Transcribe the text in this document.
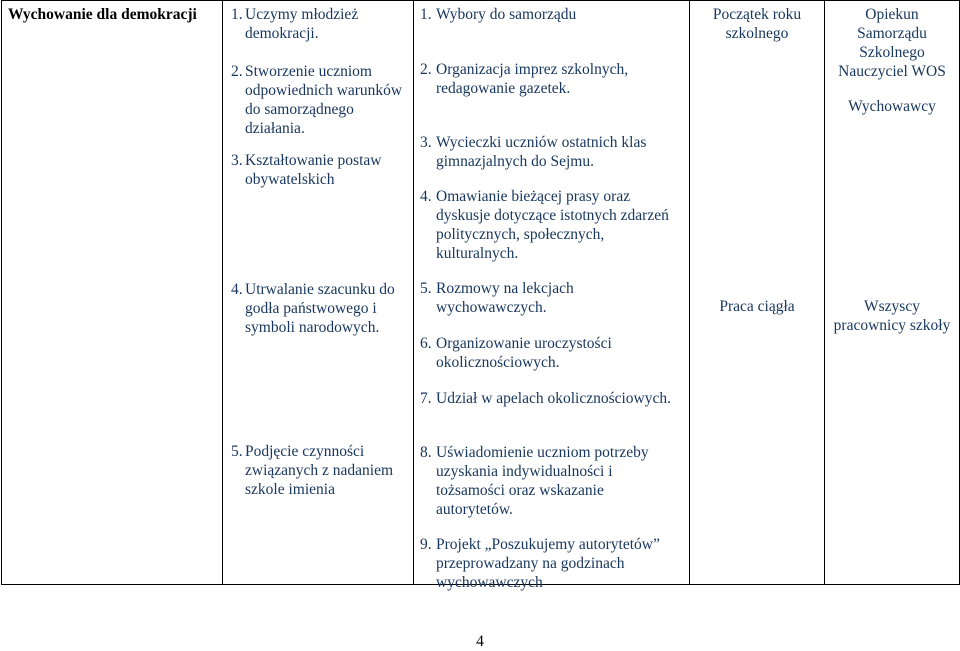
Wychowanie dla demokracji	1. Uczymy młodzież demokracji.
2. Stworzenie uczniom odpowiednich warunków do samorządnego działania.
3. Kształtowanie postaw obywatelskich
4. Utrwalanie szacunku do godła państwowego i symboli narodowych.
5. Podjęcie czynności związanych z nadaniem szkole imienia

1. Wybory do samorządu
2. Organizacja imprez szkolnych, redagowanie gazetek.
3. Wycieczki uczniów ostatnich klas gimnazjalnych do Sejmu.
4. Omawianie bieżącej prasy oraz dyskusje dotyczące istotnych zdarzeń politycznych, społecznych, kulturalnych.
5. Rozmowy na lekcjach wychowawczych.
6. Organizowanie uroczystości okolicznościowych.
7. Udział w apelach okolicznościowych.
8. Uświadomienie uczniom potrzeby uzyskania indywidualności i tożsamości oraz wskazanie autorytetów.
9. Projekt „Poszukujemy autorytetów” przeprowadzany na godzinach wychowawczych

Początek roku szkolnego
Praca ciągła

Opiekun Samorządu Szkolnego Nauczyciel WOS
Wychowawcy
Wszyscy pracownicy szkoły
4
